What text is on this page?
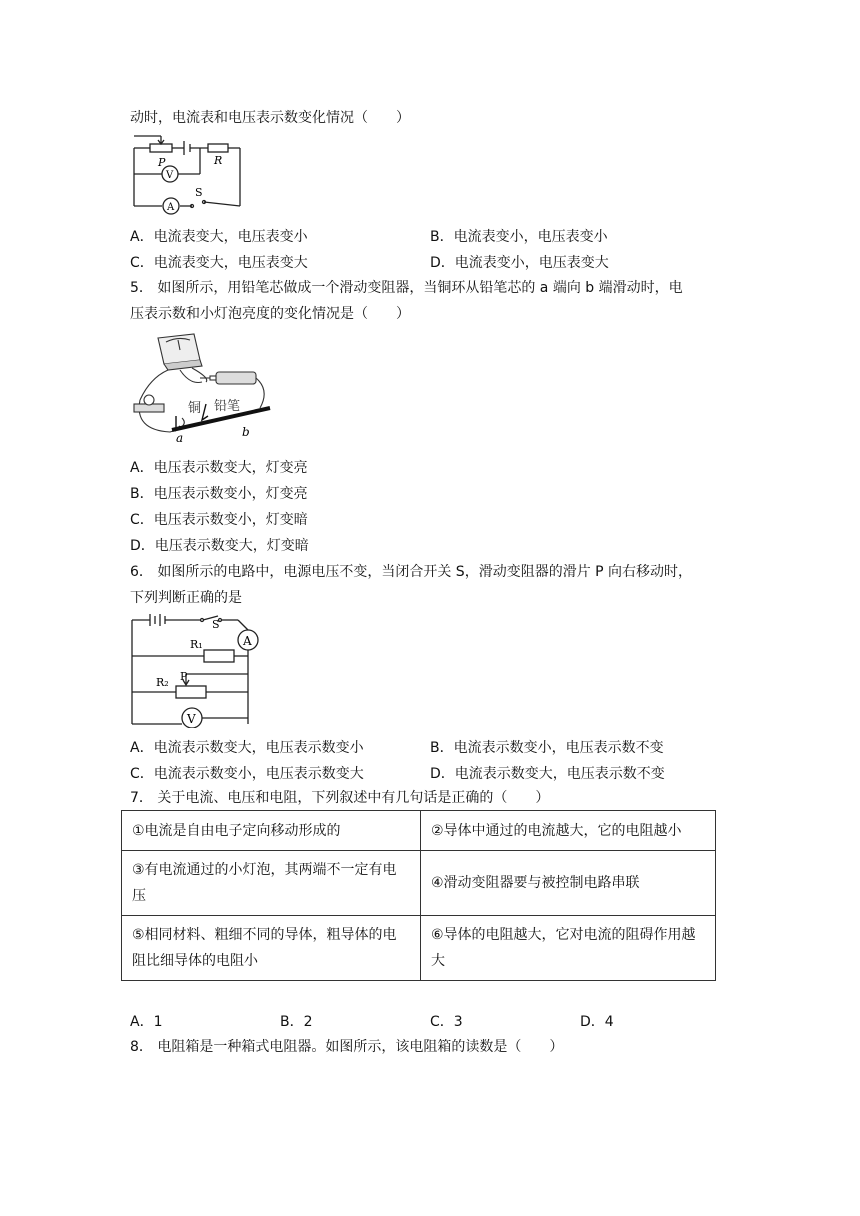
动时，电流表和电压表示数变化情况（　　）
P	R
V
A
S
A．电流表变大，电压表变小	B．电流表变小，电压表变小
C．电流表变大，电压表变大	D．电流表变小，电压表变大
5． 如图所示，用铅笔芯做成一个滑动变阻器，当铜环从铅笔芯的 a 端向 b 端滑动时，电
压表示数和小灯泡亮度的变化情况是（　　）
铜 铅笔
a	b
A．电压表示数变大，灯变亮
B．电压表示数变小，灯变亮
C．电压表示数变小，灯变暗
D．电压表示数变大，灯变暗
6． 如图所示的电路中，电源电压不变，当闭合开关 S，滑动变阻器的滑片 P 向右移动时，
下列判断正确的是
S
A
R₁
R₂ P
V
A．电流表示数变大，电压表示数变小	B．电流表示数变小，电压表示数不变
C．电流表示数变小，电压表示数变大	D．电流表示数变大，电压表示数不变
7． 关于电流、电压和电阻，下列叙述中有几句话是正确的（　　）
①电流是自由电子定向移动形成的	②导体中通过的电流越大，它的电阻越小
③有电流通过的小灯泡，其两端不一定有电压	④滑动变阻器要与被控制电路串联
⑤相同材料、粗细不同的导体，粗导体的电阻比细导体的电阻小	⑥导体的电阻越大，它对电流的阻碍作用越大
A．1	B．2	C．3	D．4
8． 电阻箱是一种箱式电阻器。如图所示，该电阻箱的读数是（　　）
